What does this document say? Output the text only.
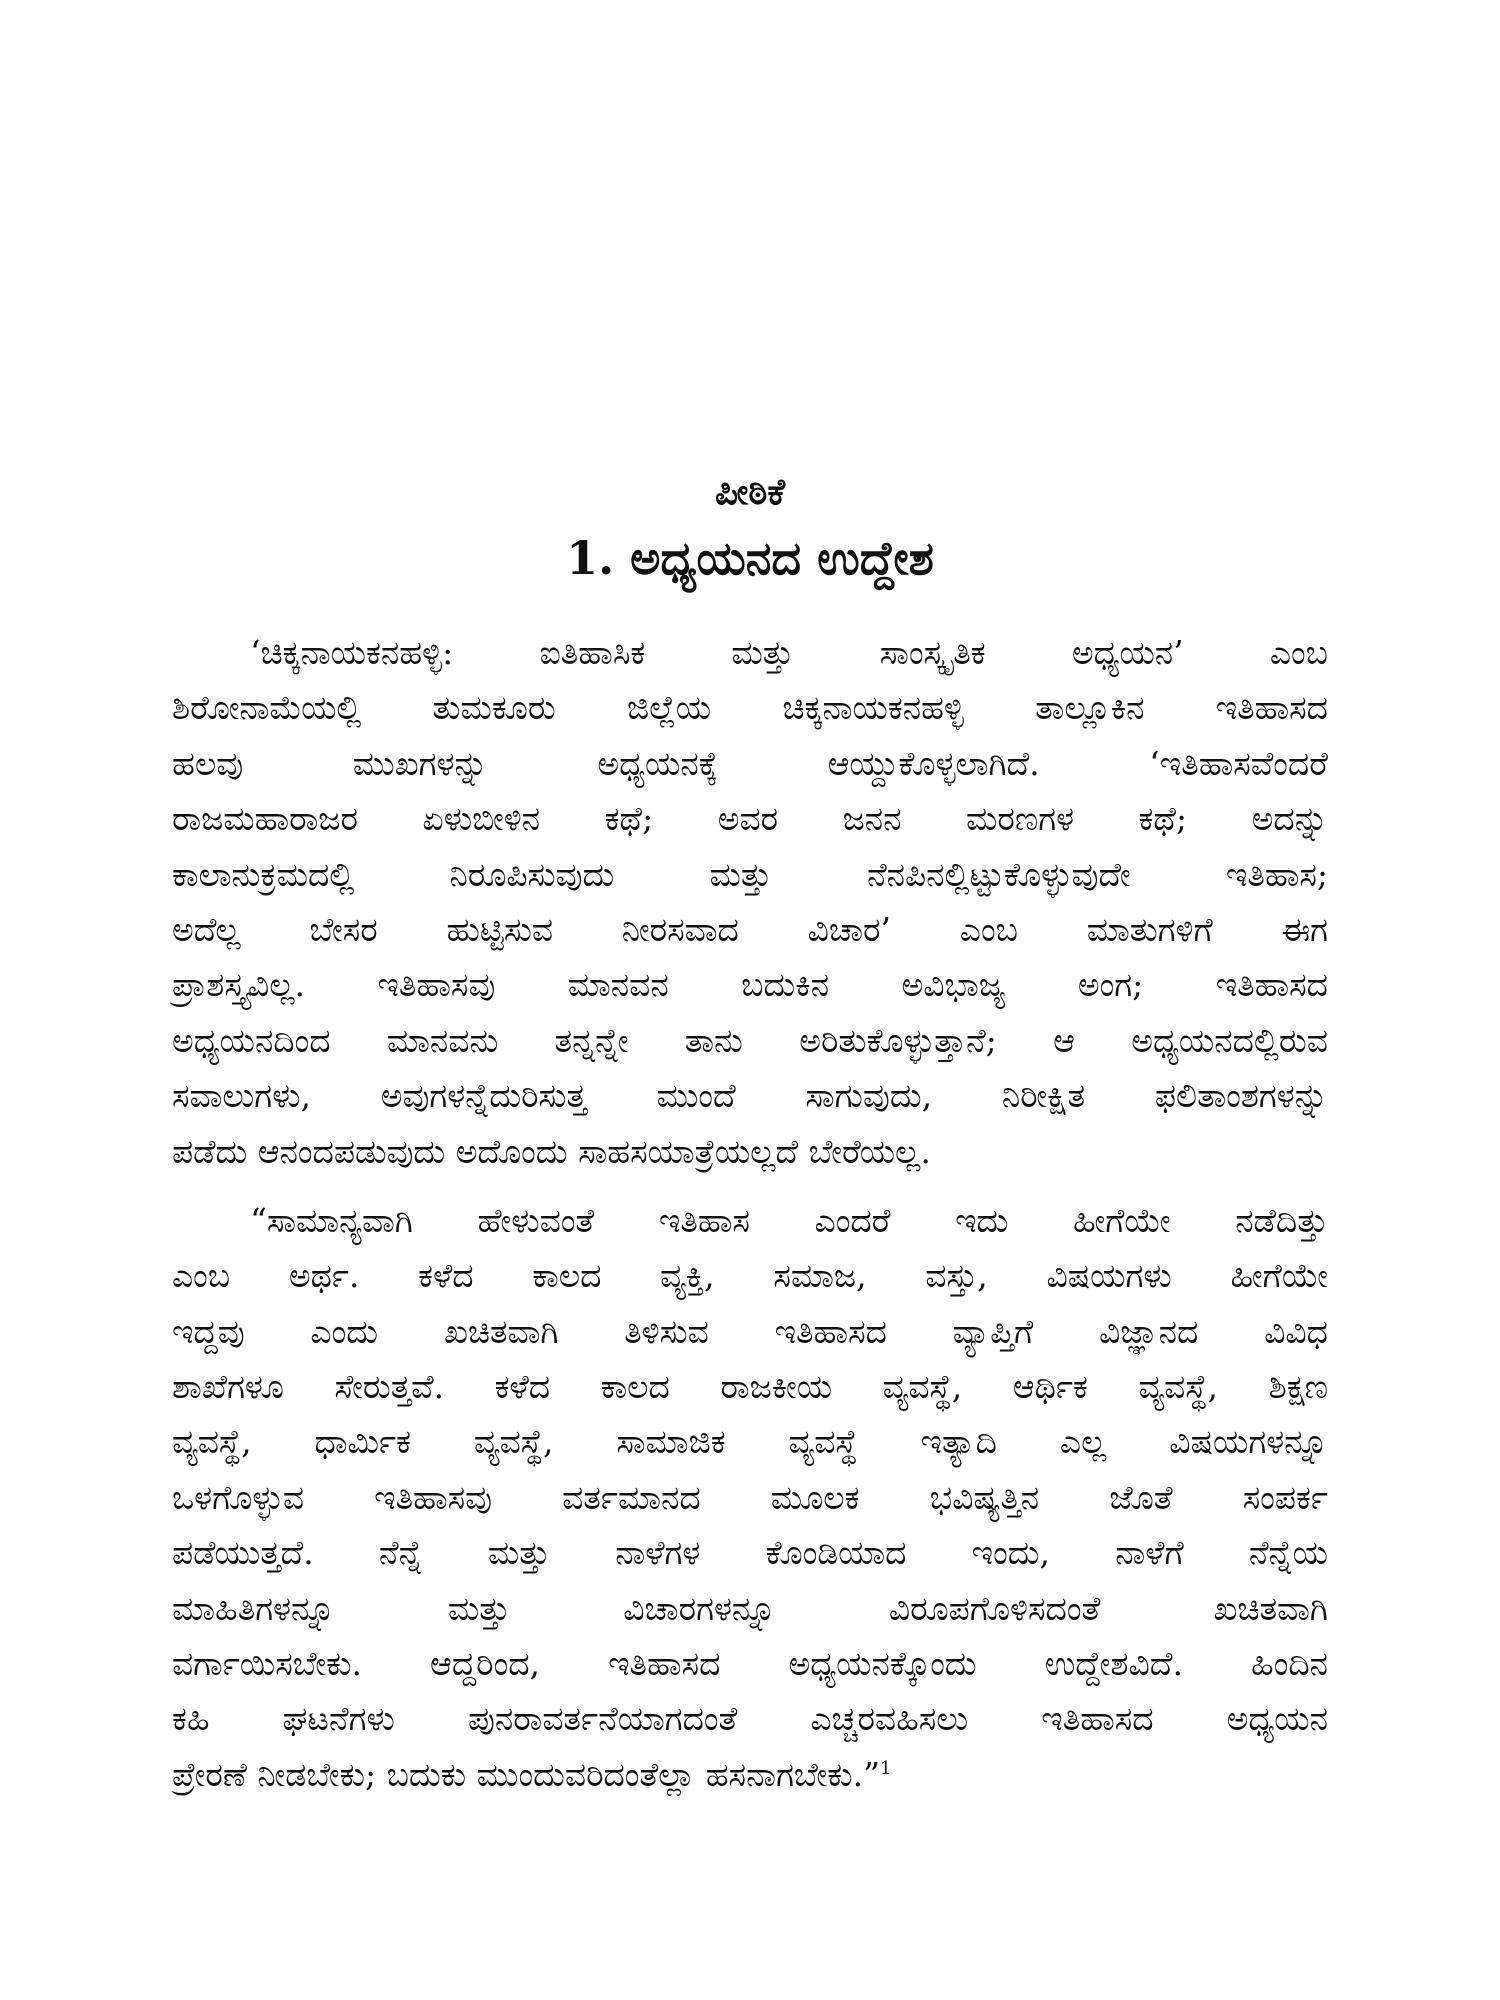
ಪೀಠಿಕೆ
1. ಅಧ್ಯಯನದ ಉದ್ದೇಶ
‘ಚಿಕ್ಕನಾಯಕನಹಳ್ಳಿ: ಐತಿಹಾಸಿಕ ಮತ್ತು ಸಾಂಸ್ಕೃತಿಕ ಅಧ್ಯಯನ’ ಎಂಬ
ಶಿರೋನಾಮೆಯಲ್ಲಿ ತುಮಕೂರು ಜಿಲ್ಲೆಯ ಚಿಕ್ಕನಾಯಕನಹಳ್ಳಿ ತಾಲ್ಲೂಕಿನ ಇತಿಹಾಸದ
ಹಲವು ಮುಖಗಳನ್ನು ಅಧ್ಯಯನಕ್ಕೆ ಆಯ್ದುಕೊಳ್ಳಲಾಗಿದೆ. ‘ಇತಿಹಾಸವೆಂದರೆ
ರಾಜಮಹಾರಾಜರ ಏಳುಬೀಳಿನ ಕಥೆ; ಅವರ ಜನನ ಮರಣಗಳ ಕಥೆ; ಅದನ್ನು
ಕಾಲಾನುಕ್ರಮದಲ್ಲಿ ನಿರೂಪಿಸುವುದು ಮತ್ತು ನೆನಪಿನಲ್ಲಿಟ್ಟುಕೊಳ್ಳುವುದೇ ಇತಿಹಾಸ;
ಅದೆಲ್ಲ ಬೇಸರ ಹುಟ್ಟಿಸುವ ನೀರಸವಾದ ವಿಚಾರ’ ಎಂಬ ಮಾತುಗಳಿಗೆ ಈಗ
ಪ್ರಾಶಸ್ತ್ಯವಿಲ್ಲ. ಇತಿಹಾಸವು ಮಾನವನ ಬದುಕಿನ ಅವಿಭಾಜ್ಯ ಅಂಗ; ಇತಿಹಾಸದ
ಅಧ್ಯಯನದಿಂದ ಮಾನವನು ತನ್ನನ್ನೇ ತಾನು ಅರಿತುಕೊಳ್ಳುತ್ತಾನೆ; ಆ ಅಧ್ಯಯನದಲ್ಲಿರುವ
ಸವಾಲುಗಳು, ಅವುಗಳನ್ನೆದುರಿಸುತ್ತ ಮುಂದೆ ಸಾಗುವುದು, ನಿರೀಕ್ಷಿತ ಫಲಿತಾಂಶಗಳನ್ನು
ಪಡೆದು ಆನಂದಪಡುವುದು ಅದೊಂದು ಸಾಹಸಯಾತ್ರೆಯಲ್ಲದೆ ಬೇರೆಯಲ್ಲ.
“ಸಾಮಾನ್ಯವಾಗಿ ಹೇಳುವಂತೆ ಇತಿಹಾಸ ಎಂದರೆ ಇದು ಹೀಗೆಯೇ ನಡೆದಿತ್ತು
ಎಂಬ ಅರ್ಥ. ಕಳೆದ ಕಾಲದ ವ್ಯಕ್ತಿ, ಸಮಾಜ, ವಸ್ತು, ವಿಷಯಗಳು ಹೀಗೆಯೇ
ಇದ್ದವು ಎಂದು ಖಚಿತವಾಗಿ ತಿಳಿಸುವ ಇತಿಹಾಸದ ವ್ಯಾಪ್ತಿಗೆ ವಿಜ್ಞಾನದ ವಿವಿಧ
ಶಾಖೆಗಳೂ ಸೇರುತ್ತವೆ. ಕಳೆದ ಕಾಲದ ರಾಜಕೀಯ ವ್ಯವಸ್ಥೆ, ಆರ್ಥಿಕ ವ್ಯವಸ್ಥೆ, ಶಿಕ್ಷಣ
ವ್ಯವಸ್ಥೆ, ಧಾರ್ಮಿಕ ವ್ಯವಸ್ಥೆ, ಸಾಮಾಜಿಕ ವ್ಯವಸ್ಥೆ ಇತ್ಯಾದಿ ಎಲ್ಲ ವಿಷಯಗಳನ್ನೂ
ಒಳಗೊಳ್ಳುವ ಇತಿಹಾಸವು ವರ್ತಮಾನದ ಮೂಲಕ ಭವಿಷ್ಯತ್ತಿನ ಜೊತೆ ಸಂಪರ್ಕ
ಪಡೆಯುತ್ತದೆ. ನೆನ್ನೆ ಮತ್ತು ನಾಳೆಗಳ ಕೊಂಡಿಯಾದ ಇಂದು, ನಾಳೆಗೆ ನೆನ್ನೆಯ
ಮಾಹಿತಿಗಳನ್ನೂ ಮತ್ತು ವಿಚಾರಗಳನ್ನೂ ವಿರೂಪಗೊಳಿಸದಂತೆ ಖಚಿತವಾಗಿ
ವರ್ಗಾಯಿಸಬೇಕು. ಆದ್ದರಿಂದ, ಇತಿಹಾಸದ ಅಧ್ಯಯನಕ್ಕೊಂದು ಉದ್ದೇಶವಿದೆ. ಹಿಂದಿನ
ಕಹಿ ಘಟನೆಗಳು ಪುನರಾವರ್ತನೆಯಾಗದಂತೆ ಎಚ್ಚರವಹಿಸಲು ಇತಿಹಾಸದ ಅಧ್ಯಯನ
ಪ್ರೇರಣೆ ನೀಡಬೇಕು; ಬದುಕು ಮುಂದುವರಿದಂತೆಲ್ಲಾ ಹಸನಾಗಬೇಕು.”$^1$
